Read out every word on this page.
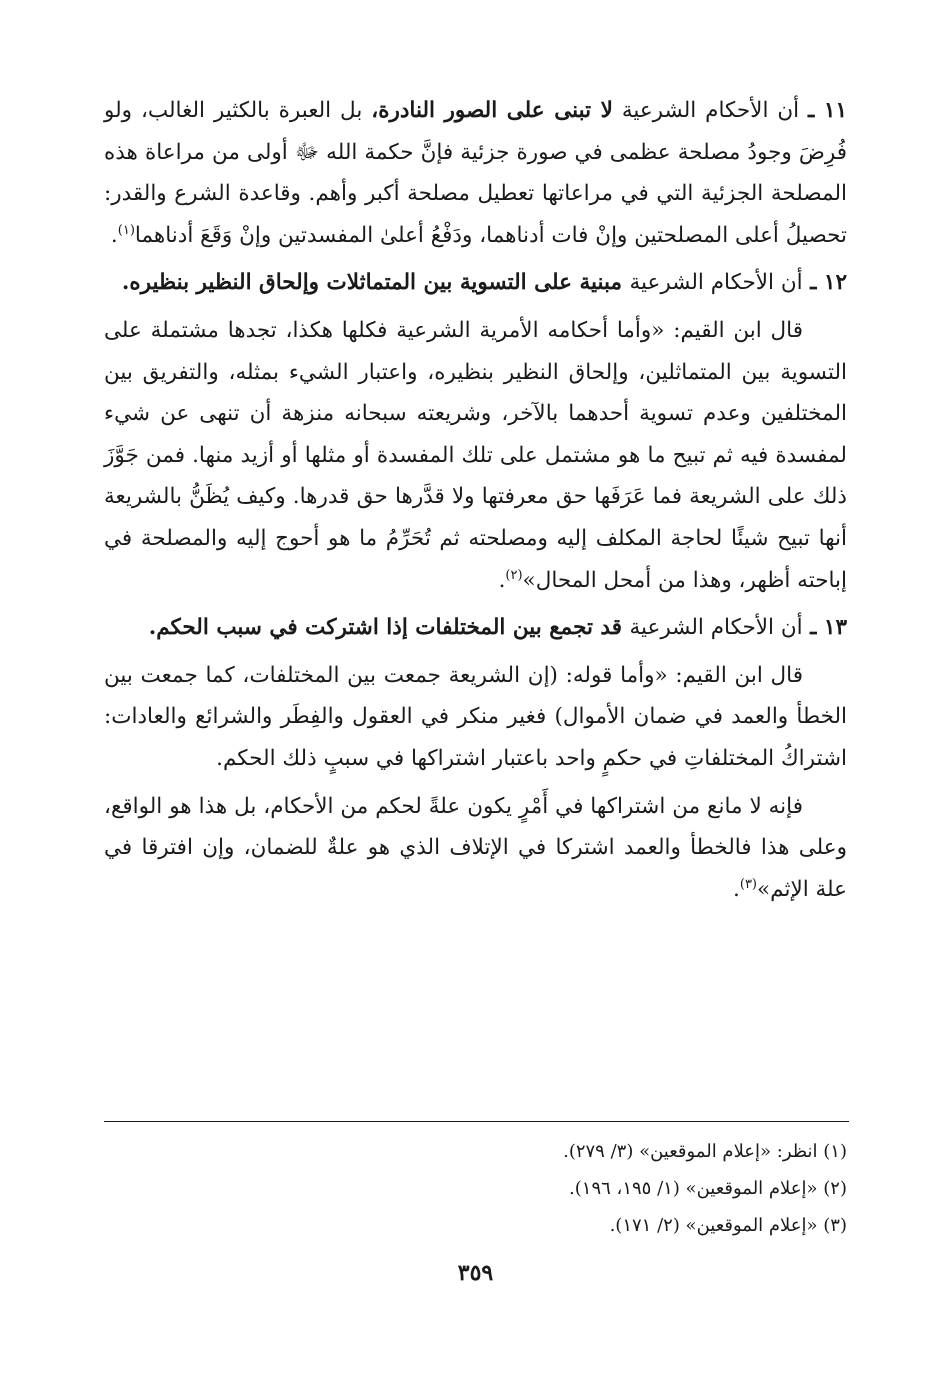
١١ ـ أن الأحكام الشرعية لا تبنى على الصور النادرة، بل العبرة بالكثير الغالب، ولو فُرِضَ وجودُ مصلحة عظمى في صورة جزئية فإنَّ حكمة الله ﷻ أولى من مراعاة هذه المصلحة الجزئية التي في مراعاتها تعطيل مصلحة أكبر وأهم. وقاعدة الشرع والقدر: تحصيلُ أعلى المصلحتين وإنْ فات أدناهما، ودَفْعُ أعلىٰ المفسدتين وإنْ وَقَعَ أدناهما$^{(١)}$.

١٢ ـ أن الأحكام الشرعية مبنية على التسوية بين المتماثلات وإلحاق النظير بنظيره.

قال ابن القيم: «وأما أحكامه الأمرية الشرعية فكلها هكذا، تجدها مشتملة على التسوية بين المتماثلين، وإلحاق النظير بنظيره، واعتبار الشيء بمثله، والتفريق بين المختلفين وعدم تسوية أحدهما بالآخر، وشريعته سبحانه منزهة أن تنهى عن شيء لمفسدة فيه ثم تبيح ما هو مشتمل على تلك المفسدة أو مثلها أو أزيد منها. فمن جَوَّزَ ذلك على الشريعة فما عَرَفَها حق معرفتها ولا قدَّرها حق قدرها. وكيف يُظَنُّ بالشريعة أنها تبيح شيئًا لحاجة المكلف إليه ومصلحته ثم تُحَرِّمُ ما هو أحوج إليه والمصلحة في إباحته أظهر، وهذا من أمحل المحال»$^{(٢)}$.

١٣ ـ أن الأحكام الشرعية قد تجمع بين المختلفات إذا اشتركت في سبب الحكم.

قال ابن القيم: «وأما قوله: (إن الشريعة جمعت بين المختلفات، كما جمعت بين الخطأ والعمد في ضمان الأموال) فغير منكر في العقول والفِطَر والشرائع والعادات: اشتراكُ المختلفاتِ في حكمٍ واحد باعتبار اشتراكها في سببٍ ذلك الحكم.

فإنه لا مانع من اشتراكها في أَمْرٍ يكون علةً لحكم من الأحكام، بل هذا هو الواقع، وعلى هذا فالخطأ والعمد اشتركا في الإتلاف الذي هو علةٌ للضمان، وإن افترقا في علة الإثم»$^{(٣)}$.

(١) انظر: «إعلام الموقعين» (٣/ ٢٧٩).
(٢) «إعلام الموقعين» (١/ ١٩٥، ١٩٦).
(٣) «إعلام الموقعين» (٢/ ١٧١).
٣٥٩
